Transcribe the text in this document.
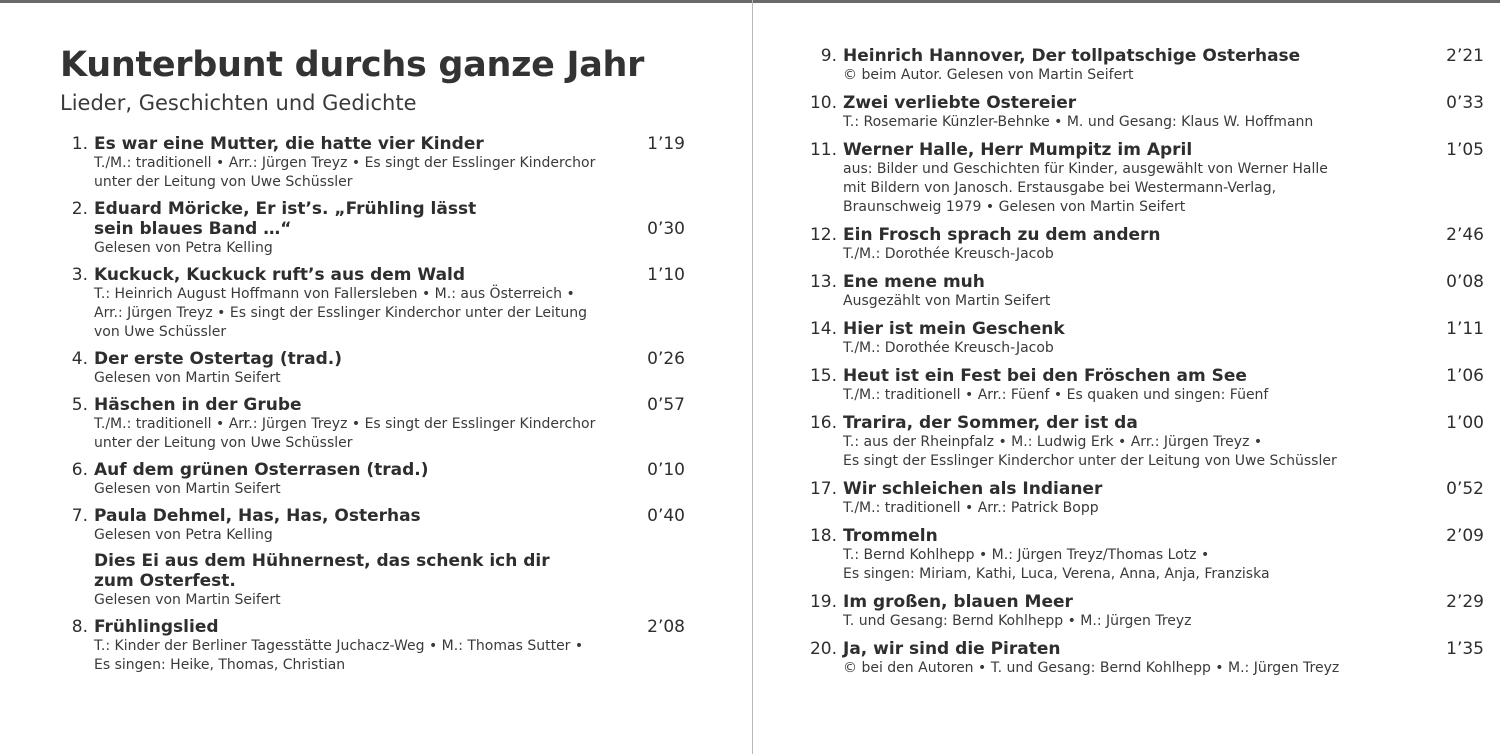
Kunterbunt durchs ganze Jahr
Lieder, Geschichten und Gedichte
1. Es war eine Mutter, die hatte vier Kinder	1’19
T./M.: traditionell • Arr.: Jürgen Treyz • Es singt der Esslinger Kinderchor
unter der Leitung von Uwe Schüssler
2. Eduard Möricke, Er ist’s. „Frühling lässt
sein blaues Band …“	0’30
Gelesen von Petra Kelling
3. Kuckuck, Kuckuck ruft’s aus dem Wald	1’10
T.: Heinrich August Hoffmann von Fallersleben • M.: aus Österreich •
Arr.: Jürgen Treyz • Es singt der Esslinger Kinderchor unter der Leitung
von Uwe Schüssler
4. Der erste Ostertag (trad.)	0’26
Gelesen von Martin Seifert
5. Häschen in der Grube	0’57
T./M.: traditionell • Arr.: Jürgen Treyz • Es singt der Esslinger Kinderchor
unter der Leitung von Uwe Schüssler
6. Auf dem grünen Osterrasen (trad.)	0’10
Gelesen von Martin Seifert
7. Paula Dehmel, Has, Has, Osterhas	0’40
Gelesen von Petra Kelling
Dies Ei aus dem Hühnernest, das schenk ich dir
zum Osterfest.
Gelesen von Martin Seifert
8. Frühlingslied	2’08
T.: Kinder der Berliner Tagesstätte Juchacz-Weg • M.: Thomas Sutter •
Es singen: Heike, Thomas, Christian
9. Heinrich Hannover, Der tollpatschige Osterhase	2’21
© beim Autor. Gelesen von Martin Seifert
10. Zwei verliebte Ostereier	0’33
T.: Rosemarie Künzler-Behnke • M. und Gesang: Klaus W. Hoffmann
11. Werner Halle, Herr Mumpitz im April	1’05
aus: Bilder und Geschichten für Kinder, ausgewählt von Werner Halle
mit Bildern von Janosch. Erstausgabe bei Westermann-Verlag,
Braunschweig 1979 • Gelesen von Martin Seifert
12. Ein Frosch sprach zu dem andern	2’46
T./M.: Dorothée Kreusch-Jacob
13. Ene mene muh	0’08
Ausgezählt von Martin Seifert
14. Hier ist mein Geschenk	1’11
T./M.: Dorothée Kreusch-Jacob
15. Heut ist ein Fest bei den Fröschen am See	1’06
T./M.: traditionell • Arr.: Füenf • Es quaken und singen: Füenf
16. Trarira, der Sommer, der ist da	1’00
T.: aus der Rheinpfalz • M.: Ludwig Erk • Arr.: Jürgen Treyz •
Es singt der Esslinger Kinderchor unter der Leitung von Uwe Schüssler
17. Wir schleichen als Indianer	0’52
T./M.: traditionell • Arr.: Patrick Bopp
18. Trommeln	2’09
T.: Bernd Kohlhepp • M.: Jürgen Treyz/Thomas Lotz •
Es singen: Miriam, Kathi, Luca, Verena, Anna, Anja, Franziska
19. Im großen, blauen Meer	2’29
T. und Gesang: Bernd Kohlhepp • M.: Jürgen Treyz
20. Ja, wir sind die Piraten	1’35
© bei den Autoren • T. und Gesang: Bernd Kohlhepp • M.: Jürgen Treyz
